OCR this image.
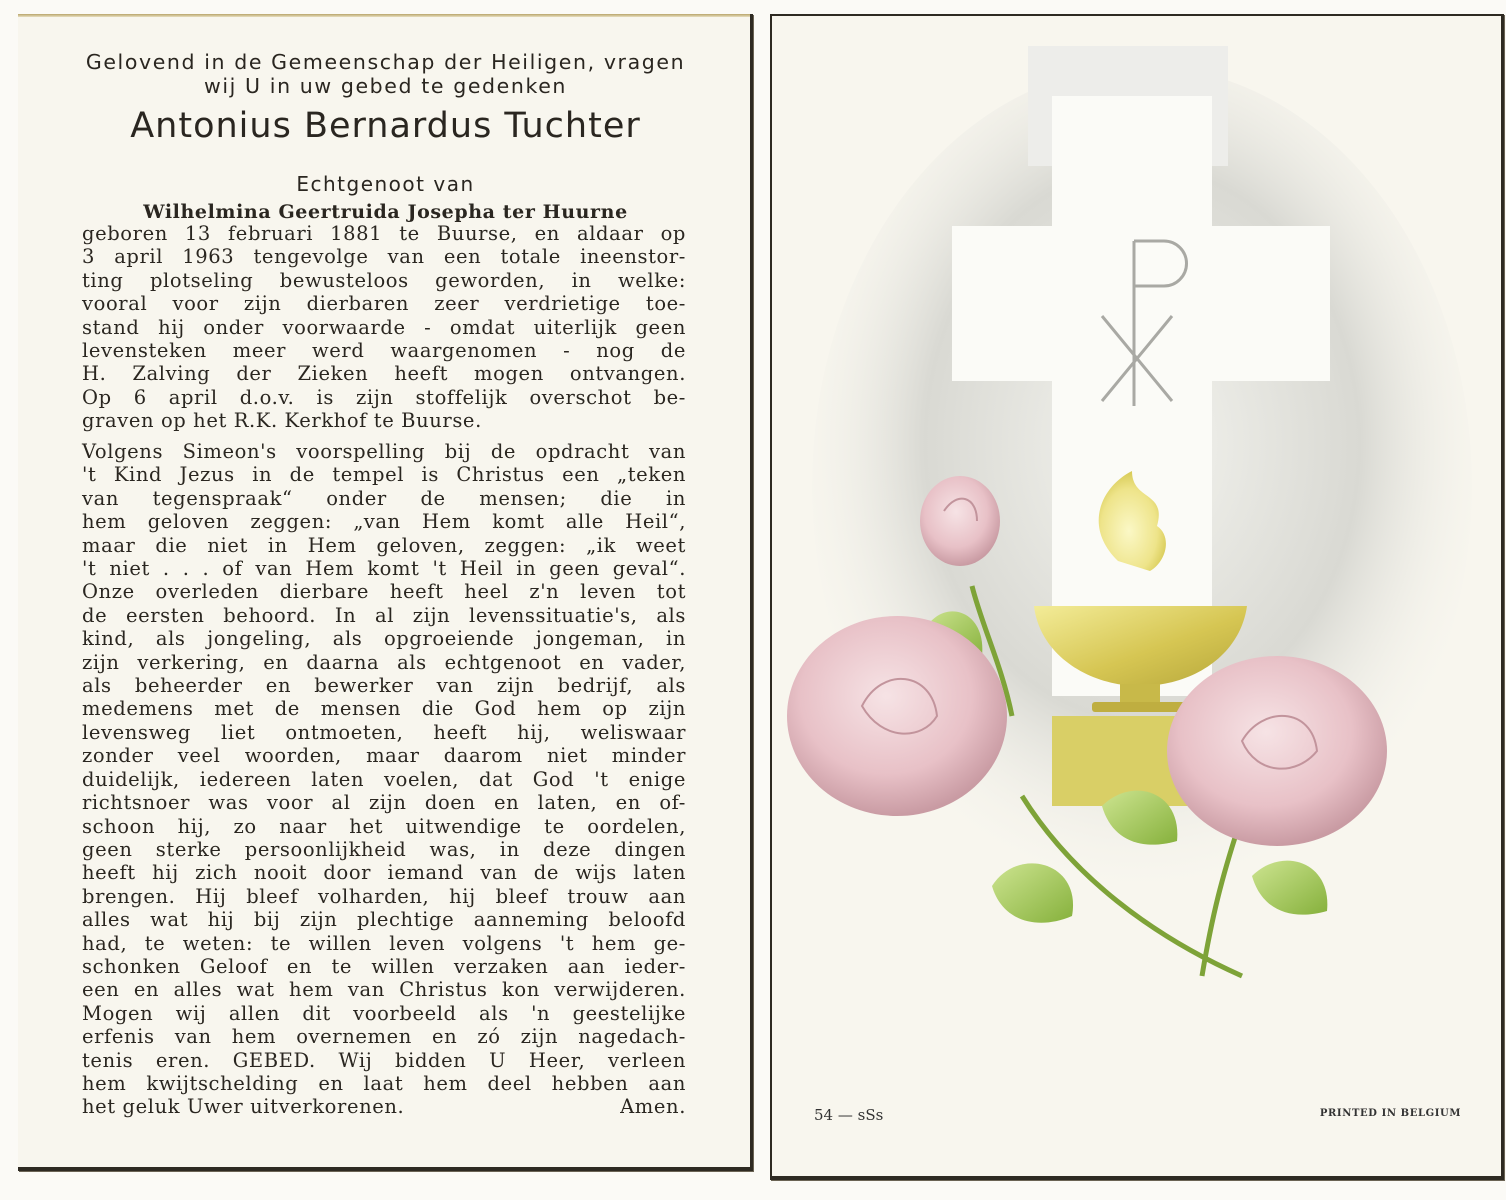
Gelovend in de Gemeenschap der Heiligen, vragen
wij U in uw gebed te gedenken
Antonius Bernardus Tuchter
Echtgenoot van
Wilhelmina Geertruida Josepha ter Huurne
geboren 13 februari 1881 te Buurse, en aldaar op
3 april 1963 tengevolge van een totale ineenstor-
ting plotseling bewusteloos geworden, in welke:
vooral voor zijn dierbaren zeer verdrietige toe-
stand hij onder voorwaarde - omdat uiterlijk geen
levensteken meer werd waargenomen - nog de
H. Zalving der Zieken heeft mogen ontvangen.
Op 6 april d.o.v. is zijn stoffelijk overschot be-
graven op het R.K. Kerkhof te Buurse.
Volgens Simeon's voorspelling bij de opdracht van
't Kind Jezus in de tempel is Christus een „teken
van tegenspraak“ onder de mensen; die in
hem geloven zeggen: „van Hem komt alle Heil“,
maar die niet in Hem geloven, zeggen: „ik weet
't niet . . . of van Hem komt 't Heil in geen geval“.
Onze overleden dierbare heeft heel z'n leven tot
de eersten behoord. In al zijn levenssituatie's, als
kind, als jongeling, als opgroeiende jongeman, in
zijn verkering, en daarna als echtgenoot en vader,
als beheerder en bewerker van zijn bedrijf, als
medemens met de mensen die God hem op zijn
levensweg liet ontmoeten, heeft hij, weliswaar
zonder veel woorden, maar daarom niet minder
duidelijk, iedereen laten voelen, dat God 't enige
richtsnoer was voor al zijn doen en laten, en of-
schoon hij, zo naar het uitwendige te oordelen,
geen sterke persoonlijkheid was, in deze dingen
heeft hij zich nooit door iemand van de wijs laten
brengen. Hij bleef volharden, hij bleef trouw aan
alles wat hij bij zijn plechtige aanneming beloofd
had, te weten: te willen leven volgens 't hem ge-
schonken Geloof en te willen verzaken aan ieder-
een en alles wat hem van Christus kon verwijderen.
Mogen wij allen dit voorbeeld als 'n geestelijke
erfenis van hem overnemen en zó zijn nagedach-
tenis eren. GEBED. Wij bidden U Heer, verleen
hem kwijtschelding en laat hem deel hebben aan
het geluk Uwer uitverkorenen.	Amen.	54 — sSs	PRINTED IN BELGIUM
